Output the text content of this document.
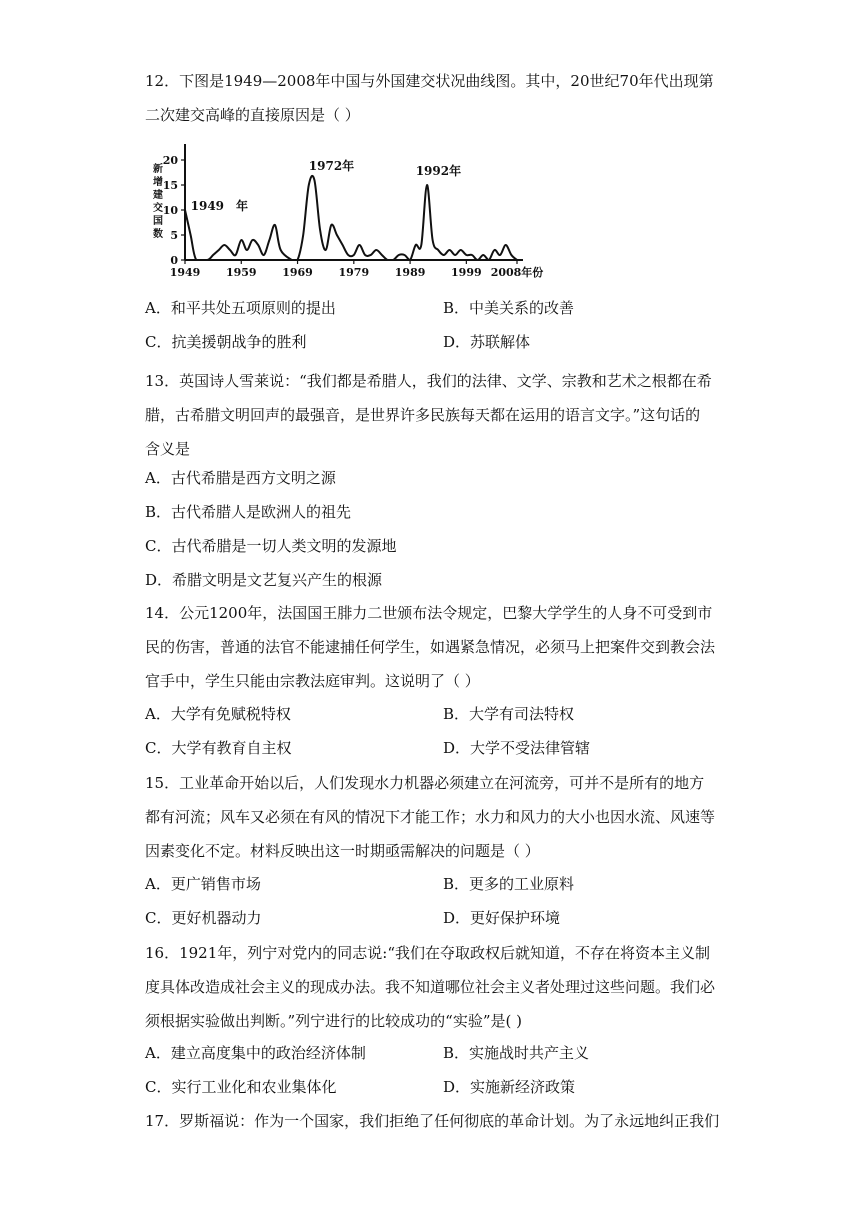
12．下图是1949—2008年中国与外国建交状况曲线图。其中，20世纪70年代出现第二次建交高峰的直接原因是（ ）

0
5
10
15
20
1949 1959 1969 1979 1989 1999 2008年份
新
增
建
交
国
数
1949　年
1972年	1992年
A．和平共处五项原则的提出	B．中美关系的改善
C．抗美援朝战争的胜利	D．苏联解体

13．英国诗人雪莱说：“我们都是希腊人，我们的法律、文学、宗教和艺术之根都在希腊，古希腊文明回声的最强音，是世界许多民族每天都在运用的语言文字。”这句话的含义是

A．古代希腊是西方文明之源
B．古代希腊人是欧洲人的祖先
C．古代希腊是一切人类文明的发源地
D．希腊文明是文艺复兴产生的根源

14．公元1200年，法国国王腓力二世颁布法令规定，巴黎大学学生的人身不可受到市民的伤害，普通的法官不能逮捕任何学生，如遇紧急情况，必须马上把案件交到教会法官手中，学生只能由宗教法庭审判。这说明了（ ）

A．大学有免赋税特权	B．大学有司法特权
C．大学有教育自主权	D．大学不受法律管辖

15．工业革命开始以后，人们发现水力机器必须建立在河流旁，可并不是所有的地方都有河流；风车又必须在有风的情况下才能工作；水力和风力的大小也因水流、风速等因素变化不定。材料反映出这一时期亟需解决的问题是（ ）

A．更广销售市场	B．更多的工业原料
C．更好机器动力	D．更好保护环境

16．1921年，列宁对党内的同志说:“我们在夺取政权后就知道，不存在将资本主义制度具体改造成社会主义的现成办法。我不知道哪位社会主义者处理过这些问题。我们必须根据实验做出判断。”列宁进行的比较成功的“实验”是( )

A．建立高度集中的政治经济体制	B．实施战时共产主义
C．实行工业化和农业集体化	D．实施新经济政策
17．罗斯福说：作为一个国家，我们拒绝了任何彻底的革命计划。为了永远地纠正我们
